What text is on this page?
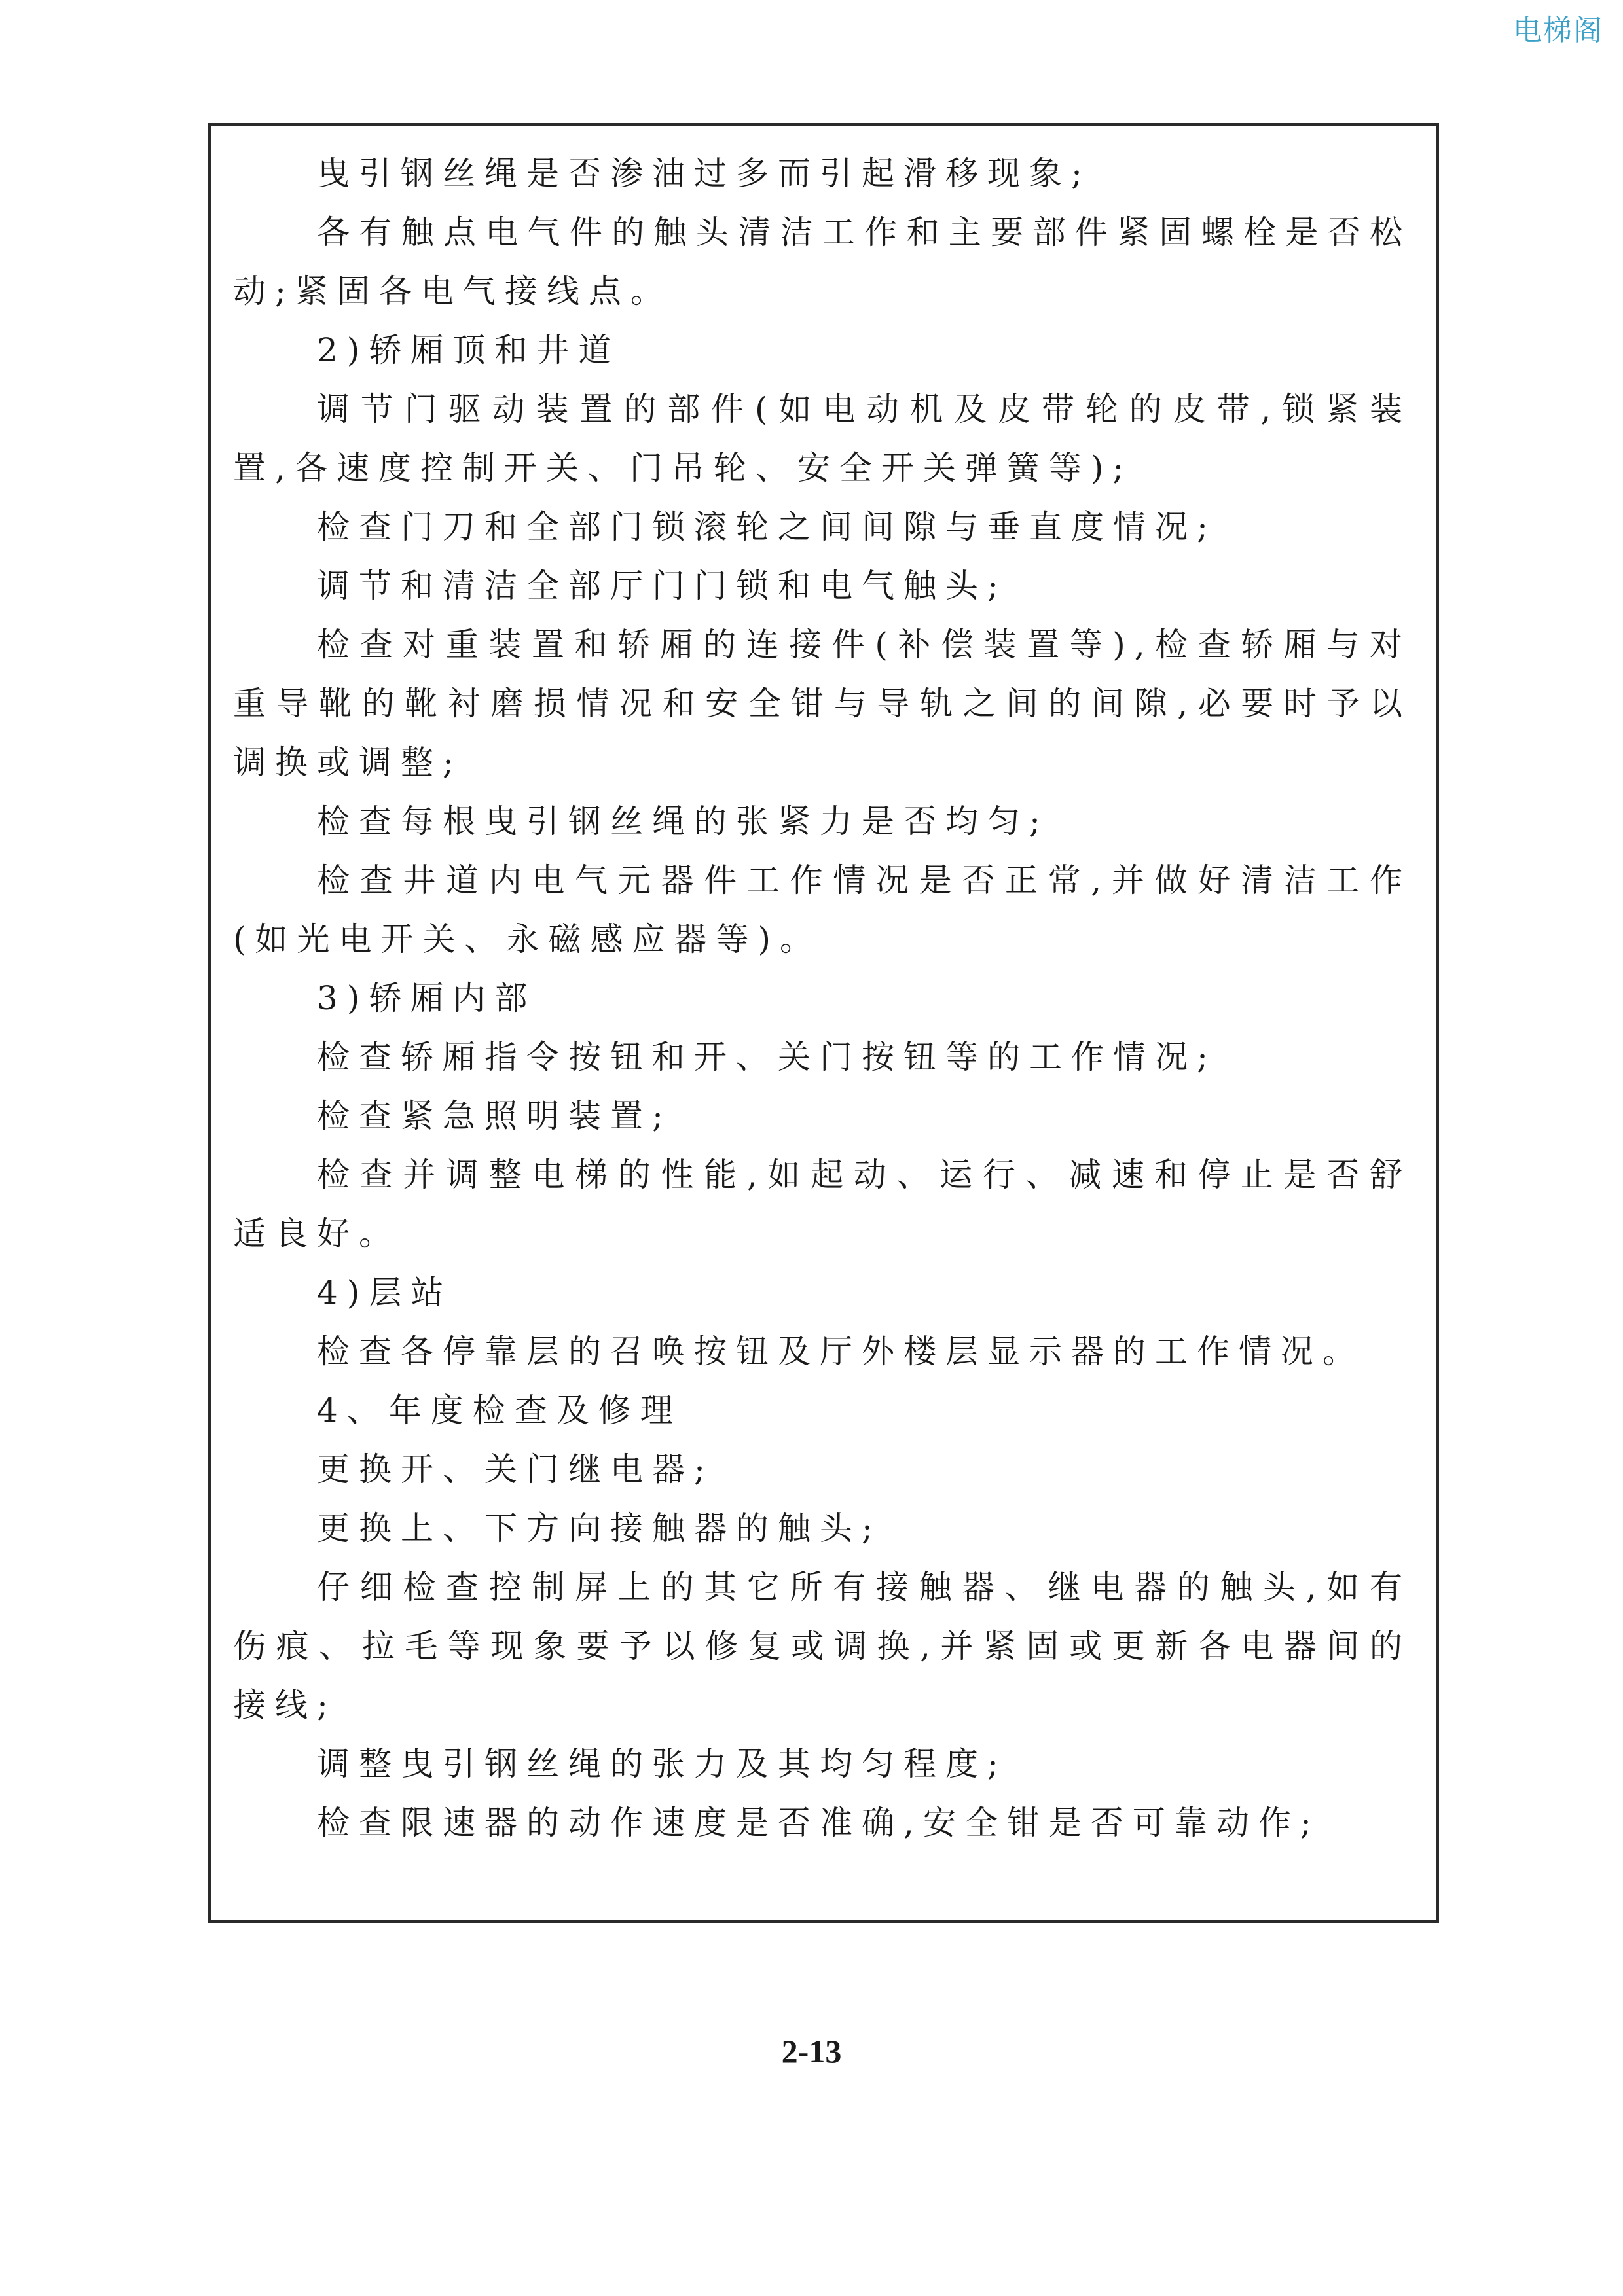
电梯阁

曳引钢丝绳是否渗油过多而引起滑移现象;

各有触点电气件的触头清洁工作和主要部件紧固螺栓是否松动;紧固各电气接线点。

2)轿厢顶和井道

调节门驱动装置的部件(如电动机及皮带轮的皮带,锁紧装置,各速度控制开关、门吊轮、安全开关弹簧等);

检查门刀和全部门锁滚轮之间间隙与垂直度情况;

调节和清洁全部厅门门锁和电气触头;

检查对重装置和轿厢的连接件(补偿装置等),检查轿厢与对重导靴的靴衬磨损情况和安全钳与导轨之间的间隙,必要时予以调换或调整;

检查每根曳引钢丝绳的张紧力是否均匀;

检查井道内电气元器件工作情况是否正常,并做好清洁工作(如光电开关、永磁感应器等)。

3)轿厢内部

检查轿厢指令按钮和开、关门按钮等的工作情况;

检查紧急照明装置;

检查并调整电梯的性能,如起动、运行、减速和停止是否舒适良好。

4)层站

检查各停靠层的召唤按钮及厅外楼层显示器的工作情况。

4、年度检查及修理

更换开、关门继电器;

更换上、下方向接触器的触头;

仔细检查控制屏上的其它所有接触器、继电器的触头,如有伤痕、拉毛等现象要予以修复或调换,并紧固或更新各电器间的接线;

调整曳引钢丝绳的张力及其均匀程度;

检查限速器的动作速度是否准确,安全钳是否可靠动作;

2-13
